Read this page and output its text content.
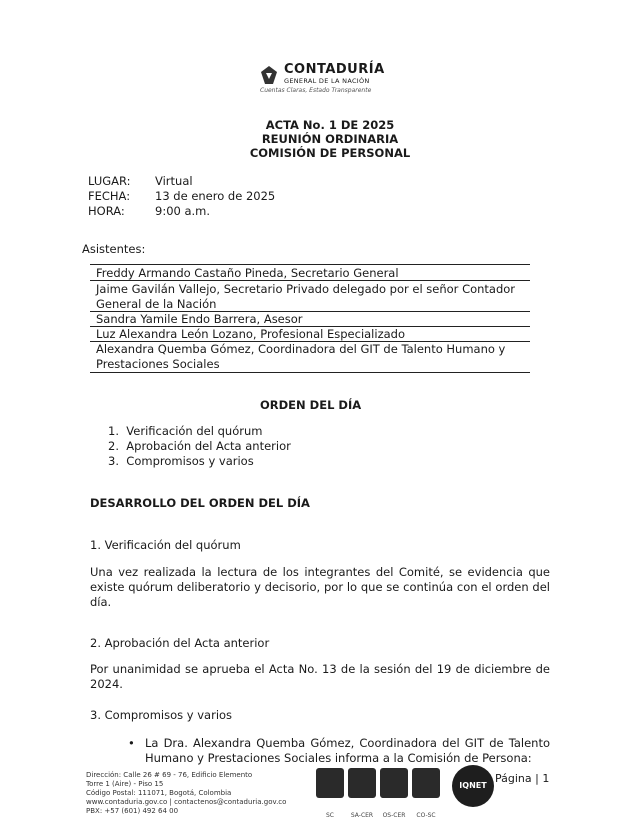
CONTADURÍA
GENERAL DE LA NACIÓN
Cuentas Claras, Estado Transparente
ACTA No. 1 DE 2025
REUNIÓN ORDINARIA
COMISIÓN DE PERSONAL
LUGAR: Virtual
FECHA: 13 de enero de 2025
HORA:	9:00 a.m.
Asistentes:
Freddy Armando Castaño Pineda, Secretario General
Jaime Gavilán Vallejo, Secretario Privado delegado por el señor Contador General de la Nación
Sandra Yamile Endo Barrera, Asesor
Luz Alexandra León Lozano, Profesional Especializado
Alexandra Quemba Gómez, Coordinadora del GIT de Talento Humano y Prestaciones Sociales
ORDEN DEL DÍA
1.  Verificación del quórum
2.  Aprobación del Acta anterior
3.  Compromisos y varios
DESARROLLO DEL ORDEN DEL DÍA
1. Verificación del quórum
Una vez realizada la lectura de los integrantes del Comité, se evidencia que existe quórum deliberatorio y decisorio, por lo que se continúa con el orden del día.
2. Aprobación del Acta anterior
Por unanimidad se aprueba el Acta No. 13 de la sesión del 19 de diciembre de 2024.
3. Compromisos y varios
• La Dra. Alexandra Quemba Gómez, Coordinadora del GIT de Talento Humano y Prestaciones Sociales informa a la Comisión de Persona:
Dirección: Calle 26 # 69 - 76, Edificio Elemento
Torre 1 (Aire) - Piso 15
Código Postal: 111071, Bogotá, Colombia
www.contaduria.gov.co | contactenos@contaduria.gov.co
PBX: +57 (601) 492 64 00
SC	SA-CER	OS-CER	CO-SC
IQNET
Página | 1
